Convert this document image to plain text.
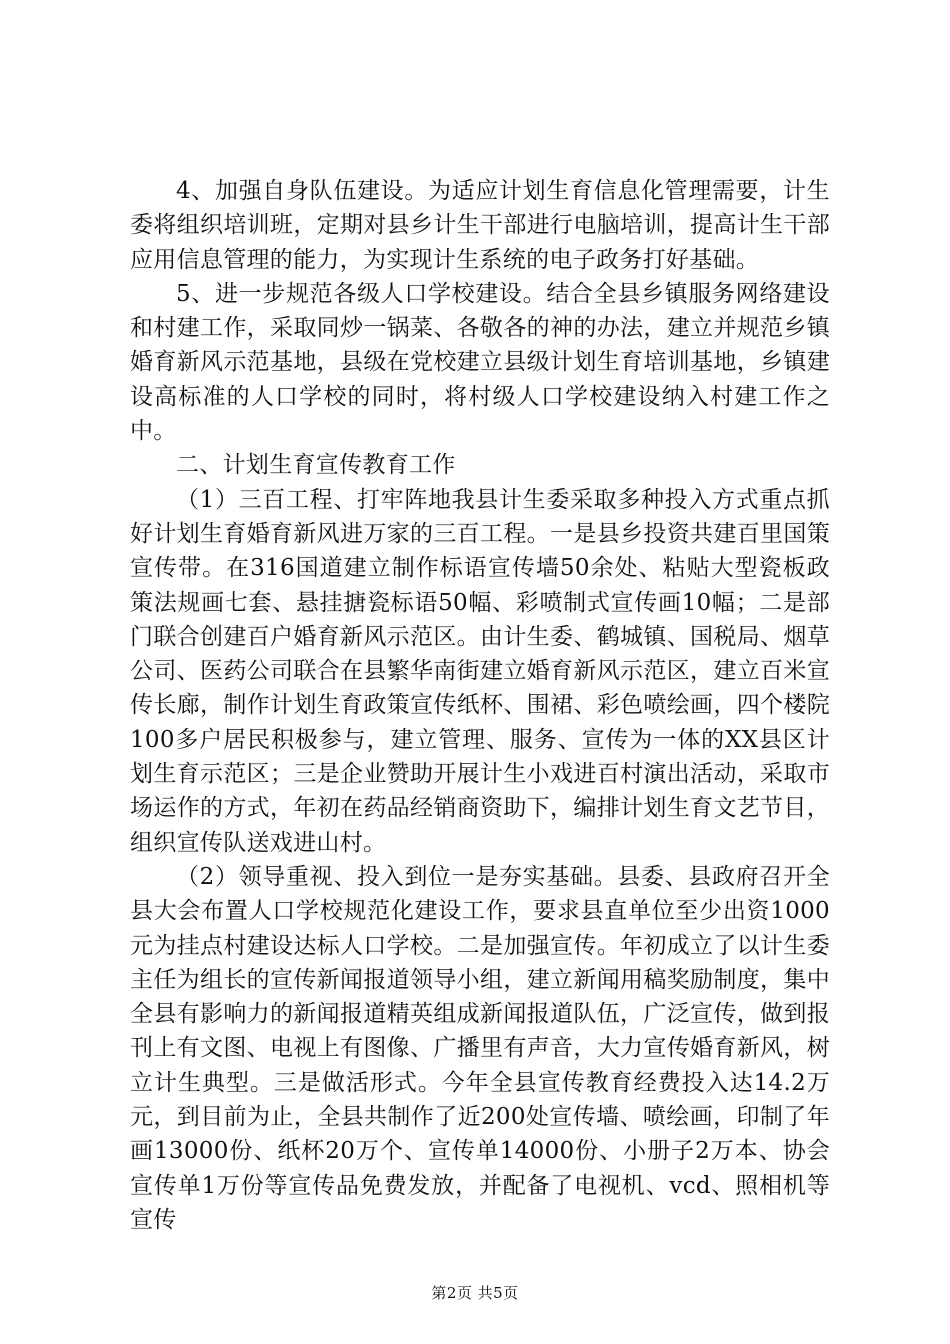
4、加强自身队伍建设。为适应计划生育信息化管理需要，计生委将组织培训班，定期对县乡计生干部进行电脑培训，提高计生干部应用信息管理的能力，为实现计生系统的电子政务打好基础。

5、进一步规范各级人口学校建设。结合全县乡镇服务网络建设和村建工作，采取同炒一锅菜、各敬各的神的办法，建立并规范乡镇婚育新风示范基地，县级在党校建立县级计划生育培训基地，乡镇建设高标准的人口学校的同时，将村级人口学校建设纳入村建工作之中。

二、计划生育宣传教育工作

（1）三百工程、打牢阵地我县计生委采取多种投入方式重点抓好计划生育婚育新风进万家的三百工程。一是县乡投资共建百里国策宣传带。在316国道建立制作标语宣传墙50余处、粘贴大型瓷板政策法规画七套、悬挂搪瓷标语50幅、彩喷制式宣传画10幅；二是部门联合创建百户婚育新风示范区。由计生委、鹤城镇、国税局、烟草公司、医药公司联合在县繁华南街建立婚育新风示范区，建立百米宣传长廊，制作计划生育政策宣传纸杯、围裙、彩色喷绘画，四个楼院100多户居民积极参与，建立管理、服务、宣传为一体的XX县区计划生育示范区；三是企业赞助开展计生小戏进百村演出活动，采取市场运作的方式，年初在药品经销商资助下，编排计划生育文艺节目，组织宣传队送戏进山村。

（2）领导重视、投入到位一是夯实基础。县委、县政府召开全县大会布置人口学校规范化建设工作，要求县直单位至少出资1000元为挂点村建设达标人口学校。二是加强宣传。年初成立了以计生委主任为组长的宣传新闻报道领导小组，建立新闻用稿奖励制度，集中全县有影响力的新闻报道精英组成新闻报道队伍，广泛宣传，做到报刊上有文图、电视上有图像、广播里有声音，大力宣传婚育新风，树立计生典型。三是做活形式。今年全县宣传教育经费投入达14.2万元，到目前为止，全县共制作了近200处宣传墙、喷绘画，印制了年画13000份、纸杯20万个、宣传单14000份、小册子2万本、协会宣传单1万份等宣传品免费发放，并配备了电视机、vcd、照相机等宣传

第2页 共5页
